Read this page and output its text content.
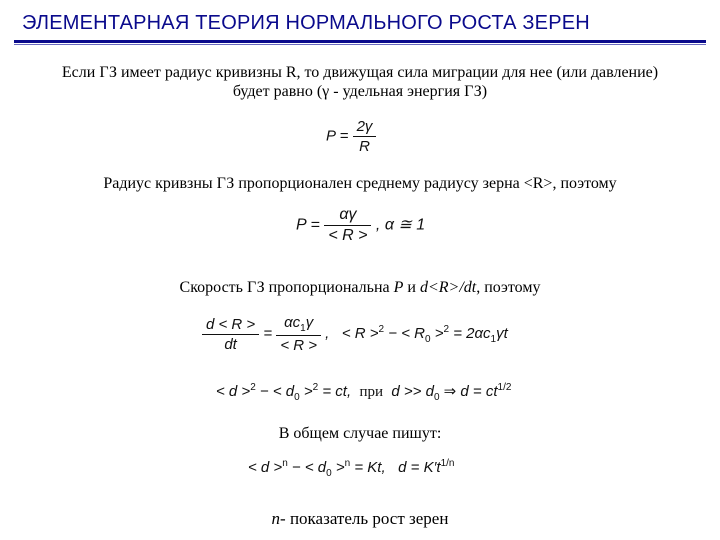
ЭЛЕМЕНТАРНАЯ ТЕОРИЯ НОРМАЛЬНОГО РОСТА ЗЕРЕН
Если ГЗ имеет радиус кривизны R, то движущая сила миграции для нее (или давление)
будет равно (γ - удельная энергия ГЗ)
$P = \frac{2\gamma}{R}$
Радиус кривзны ГЗ пропорционален среднему радиусу зерна <R>, поэтому
$P = \frac{\alpha\gamma}{< R >}$ , α ≅ 1
Скорость ГЗ пропорциональна P и d<R>/dt, поэтому
$\frac{d < R >}{dt} = \frac{\alpha c_1\gamma}{< R >}$ , < R >$^2$ − < $R_0 >^2 = 2\alpha c_1\gamma t$
< d >$^2$ − < $d_0 >^2$ = ct, при $d >> d_0$ ⇒ $d = ct^{1/2}$
В общем случае пишут:
< d >$^n$ − < $d_0 >^n = Kt$, $d = K't^{1/n}$
n- показатель рост зерен
